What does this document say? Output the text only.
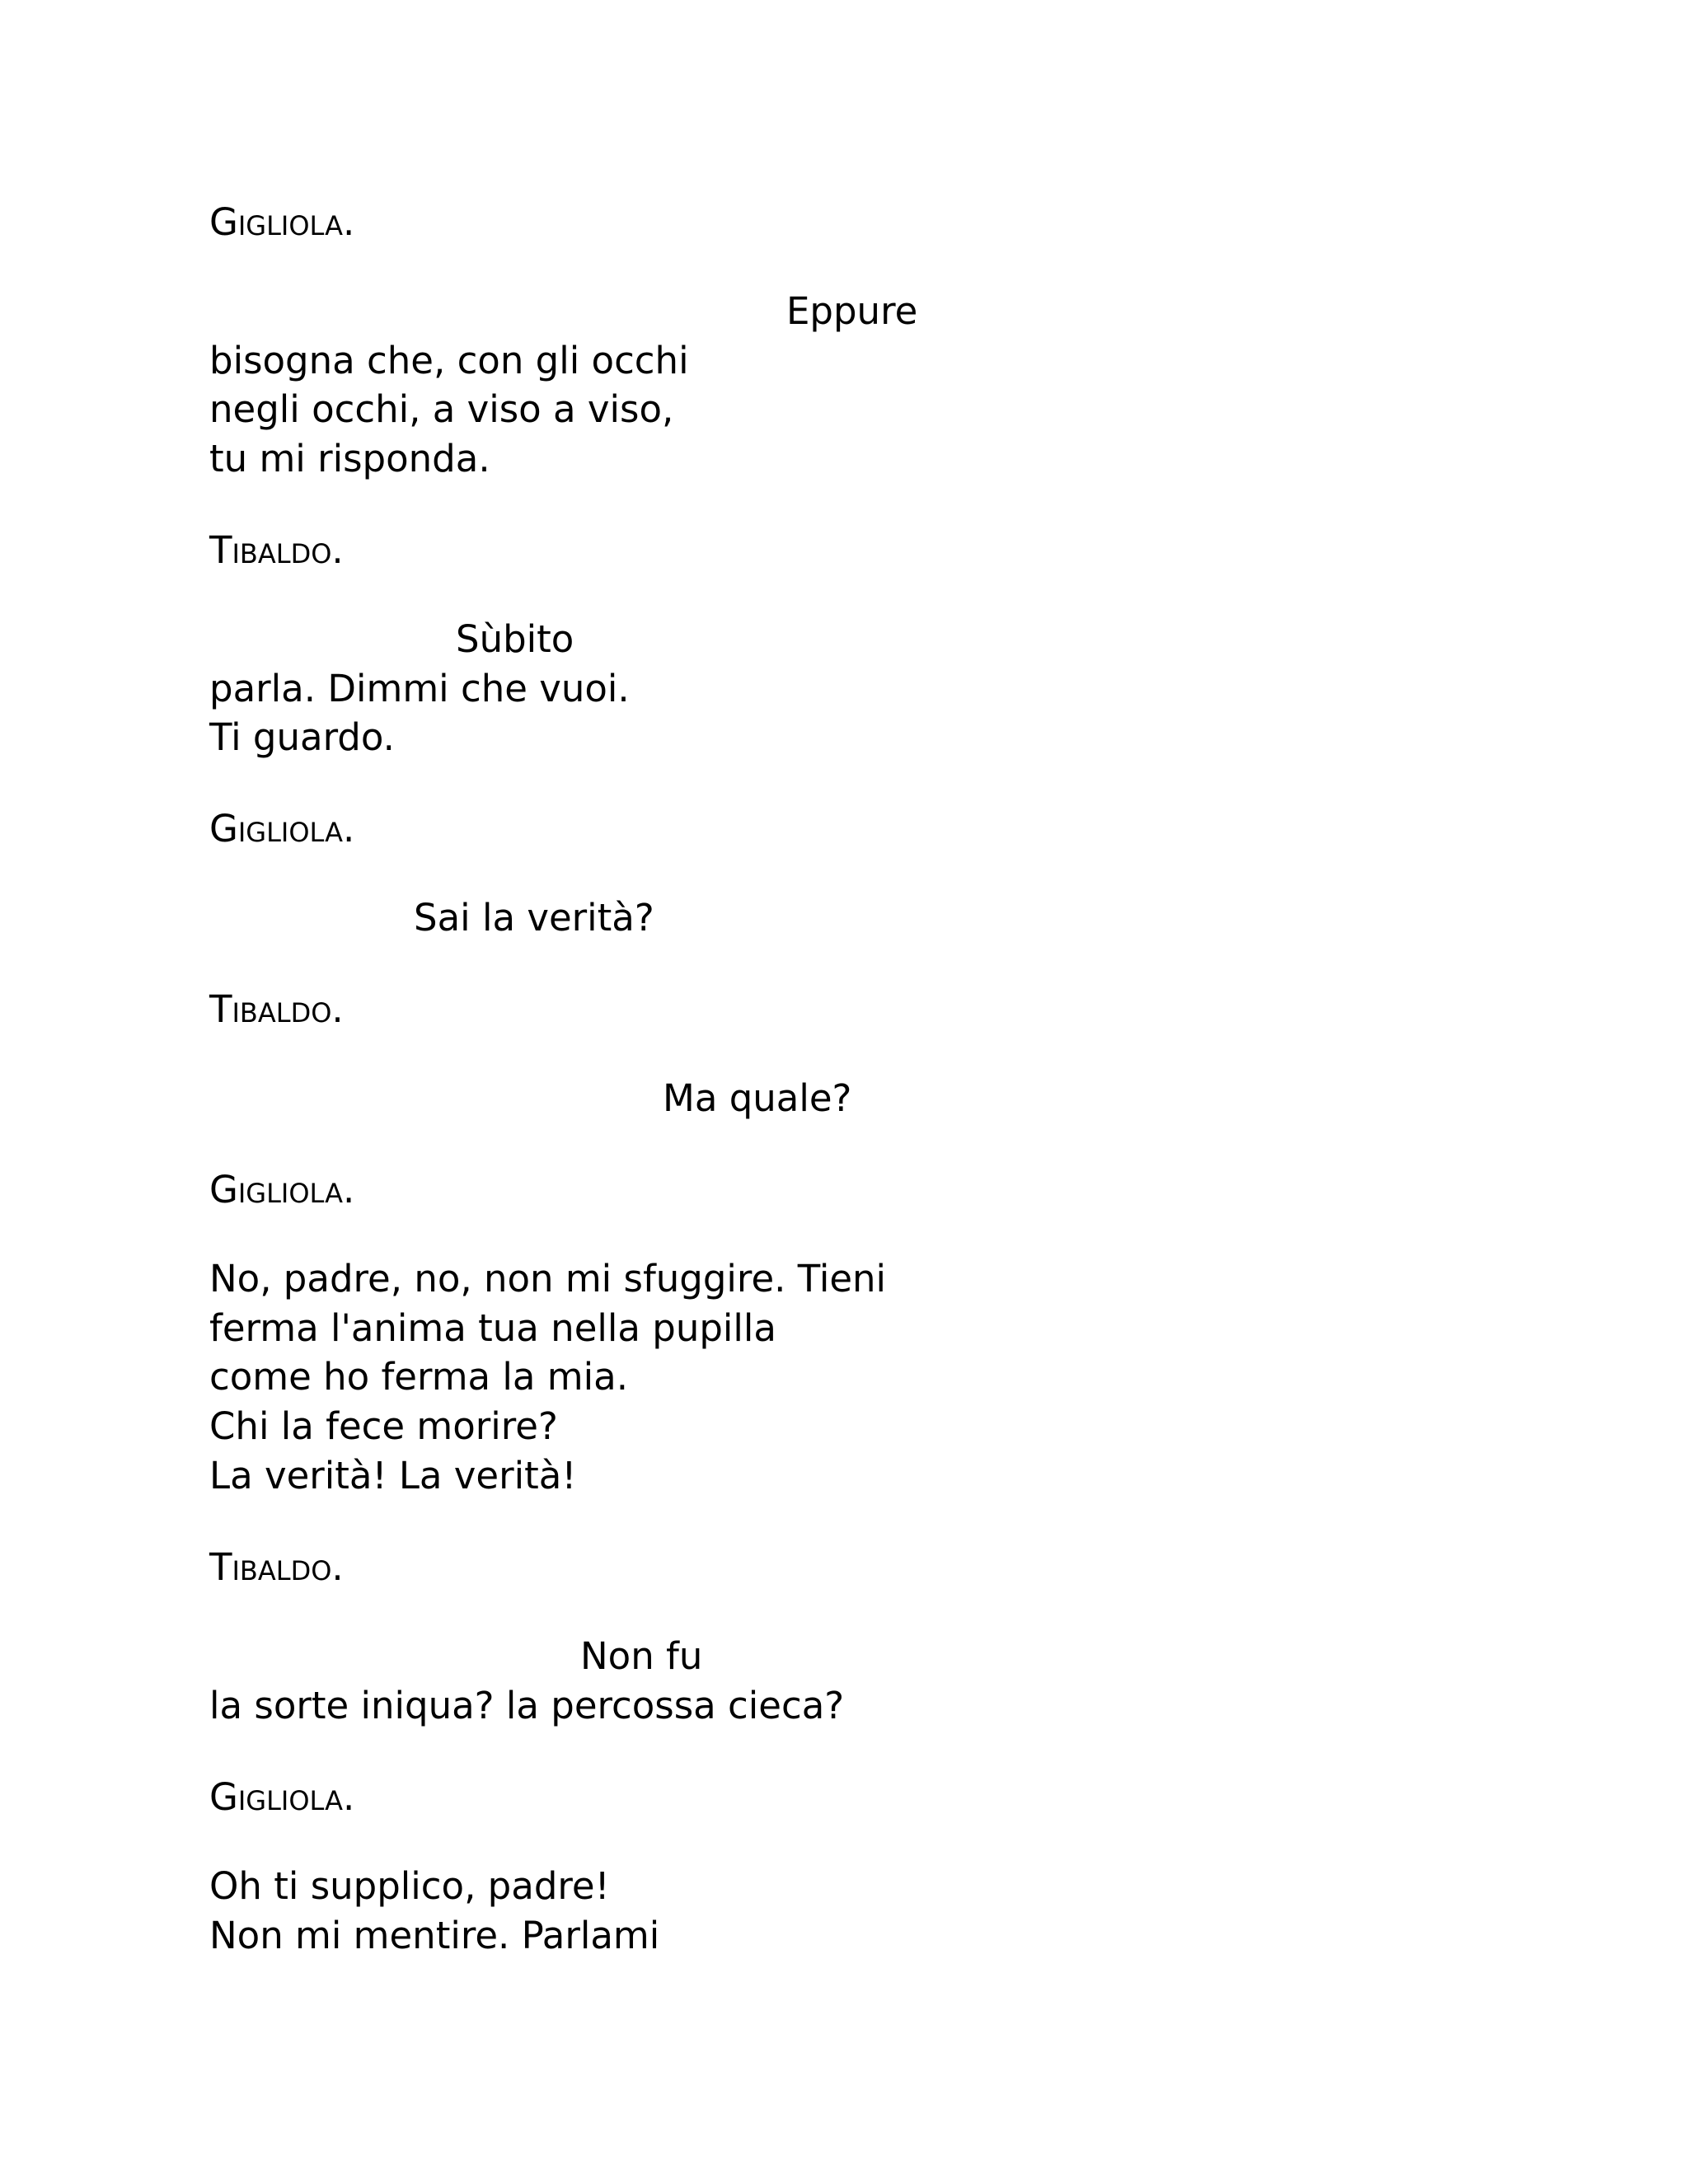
Gigliola.
Eppure
bisogna che, con gli occhi
negli occhi, a viso a viso,
tu mi risponda.
Tibaldo.
Sùbito
parla. Dimmi che vuoi.
Ti guardo.
Gigliola.
Sai la verità?
Tibaldo.
Ma quale?
Gigliola.
No, padre, no, non mi sfuggire. Tieni
ferma l'anima tua nella pupilla
come ho ferma la mia.
Chi la fece morire?
La verità! La verità!
Tibaldo.
Non fu
la sorte iniqua? la percossa cieca?
Gigliola.
Oh ti supplico, padre!
Non mi mentire. Parlami
